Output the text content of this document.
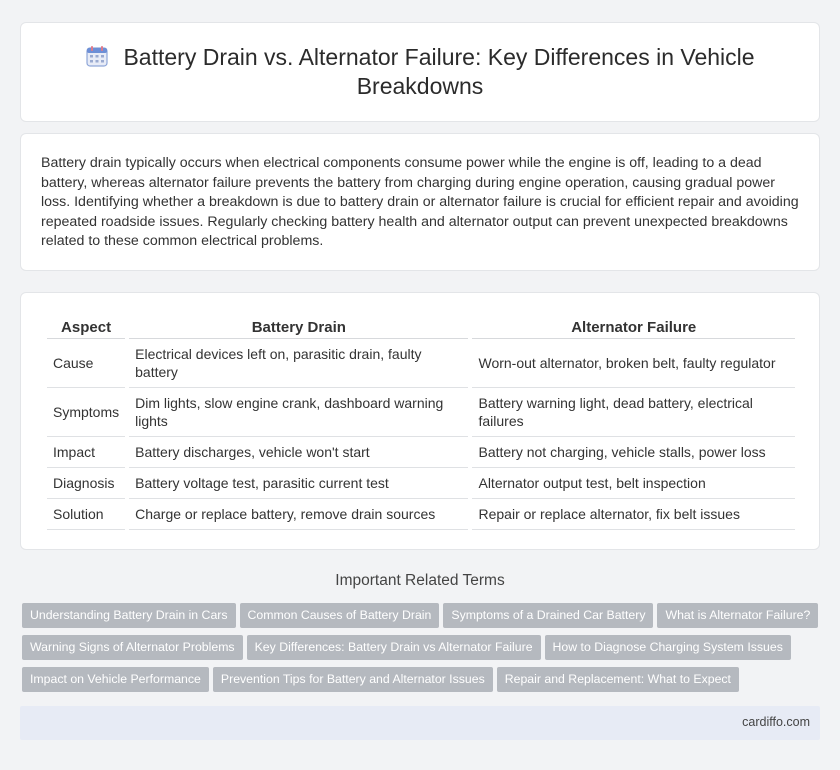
Battery Drain vs. Alternator Failure: Key Differences in Vehicle
Breakdowns

Battery drain typically occurs when electrical components consume power while the engine is off, leading to a dead battery, whereas alternator failure prevents the battery from charging during engine operation, causing gradual power loss. Identifying whether a breakdown is due to battery drain or alternator failure is crucial for efficient repair and avoiding repeated roadside issues. Regularly checking battery health and alternator output can prevent unexpected breakdowns related to these common electrical problems.

Aspect	Battery Drain	Alternator Failure
Cause	Electrical devices left on, parasitic drain, faulty battery	Worn-out alternator, broken belt, faulty regulator
Symptoms	Dim lights, slow engine crank, dashboard warning lights	Battery warning light, dead battery, electrical failures
Impact	Battery discharges, vehicle won't start	Battery not charging, vehicle stalls, power loss
Diagnosis	Battery voltage test, parasitic current test	Alternator output test, belt inspection
Solution	Charge or replace battery, remove drain sources	Repair or replace alternator, fix belt issues
Important Related Terms
Understanding Battery Drain in Cars Common Causes of Battery Drain Symptoms of a Drained Car Battery What is Alternator Failure?
Warning Signs of Alternator Problems Key Differences: Battery Drain vs Alternator Failure How to Diagnose Charging System Issues
Impact on Vehicle Performance Prevention Tips for Battery and Alternator Issues Repair and Replacement: What to Expect
cardiffo.com
